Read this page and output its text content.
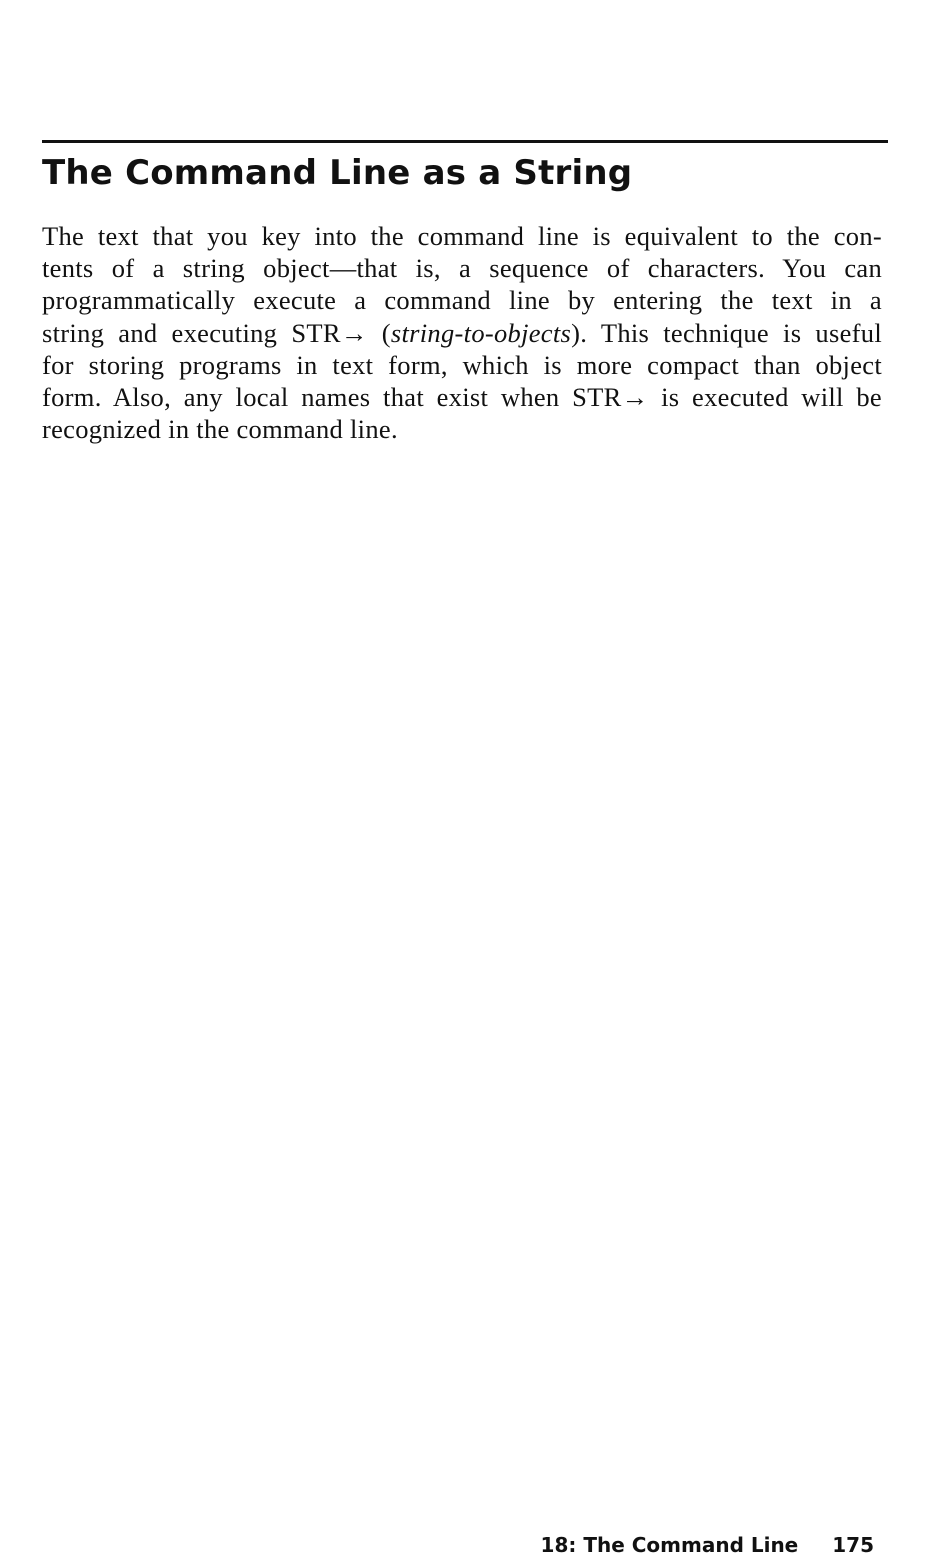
The Command Line as a String

The text that you key into the command line is equivalent to the con-
tents of a string object—that is, a sequence of characters. You can
programmatically execute a command line by entering the text in a
string and executing STR→ (string-to-objects). This technique is useful
for storing programs in text form, which is more compact than object
form. Also, any local names that exist when STR→ is executed will be
recognized in the command line.

18: The Command Line 175
